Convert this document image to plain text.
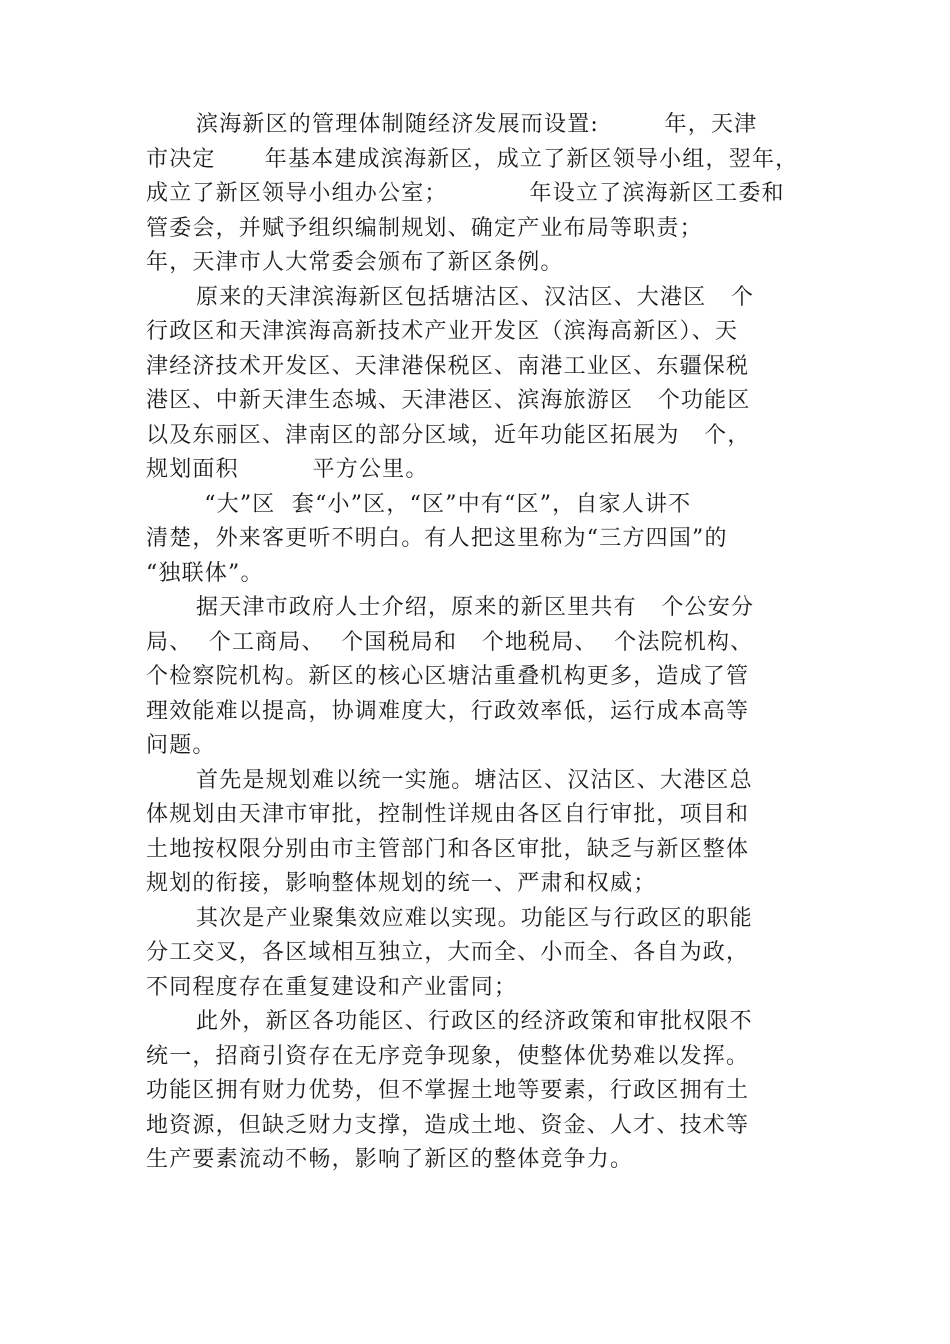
滨海新区的管理体制随经济发展而设置:        年，天津
市决定      年基本建成滨海新区，成立了新区领导小组，翌年，
成立了新区领导小组办公室；          年设立了滨海新区工委和
管委会，并赋予组织编制规划、确定产业布局等职责；
年，天津市人大常委会颁布了新区条例。
原来的天津滨海新区包括塘沽区、汉沽区、大港区   个
行政区和天津滨海高新技术产业开发区（滨海高新区）、天
津经济技术开发区、天津港保税区、南港工业区、东疆保税
港区、中新天津生态城、天津港区、滨海旅游区   个功能区
以及东丽区、津南区的部分区域，近年功能区拓展为   个，
规划面积         平方公里。
“大”区  套“小”区，“区”中有“区”，自家人讲不
清楚，外来客更听不明白。有人把这里称为“三方四国”的
“独联体”。
据天津市政府人士介绍，原来的新区里共有   个公安分
局、  个工商局、  个国税局和   个地税局、  个法院机构、
个检察院机构。新区的核心区塘沽重叠机构更多，造成了管
理效能难以提高，协调难度大，行政效率低，运行成本高等
问题。
首先是规划难以统一实施。塘沽区、汉沽区、大港区总
体规划由天津市审批，控制性详规由各区自行审批，项目和
土地按权限分别由市主管部门和各区审批，缺乏与新区整体
规划的衔接，影响整体规划的统一、严肃和权威；
其次是产业聚集效应难以实现。功能区与行政区的职能
分工交叉，各区域相互独立，大而全、小而全、各自为政，
不同程度存在重复建设和产业雷同；
此外，新区各功能区、行政区的经济政策和审批权限不
统一，招商引资存在无序竞争现象，使整体优势难以发挥。
功能区拥有财力优势，但不掌握土地等要素，行政区拥有土
地资源，但缺乏财力支撑，造成土地、资金、人才、技术等
生产要素流动不畅，影响了新区的整体竞争力。
